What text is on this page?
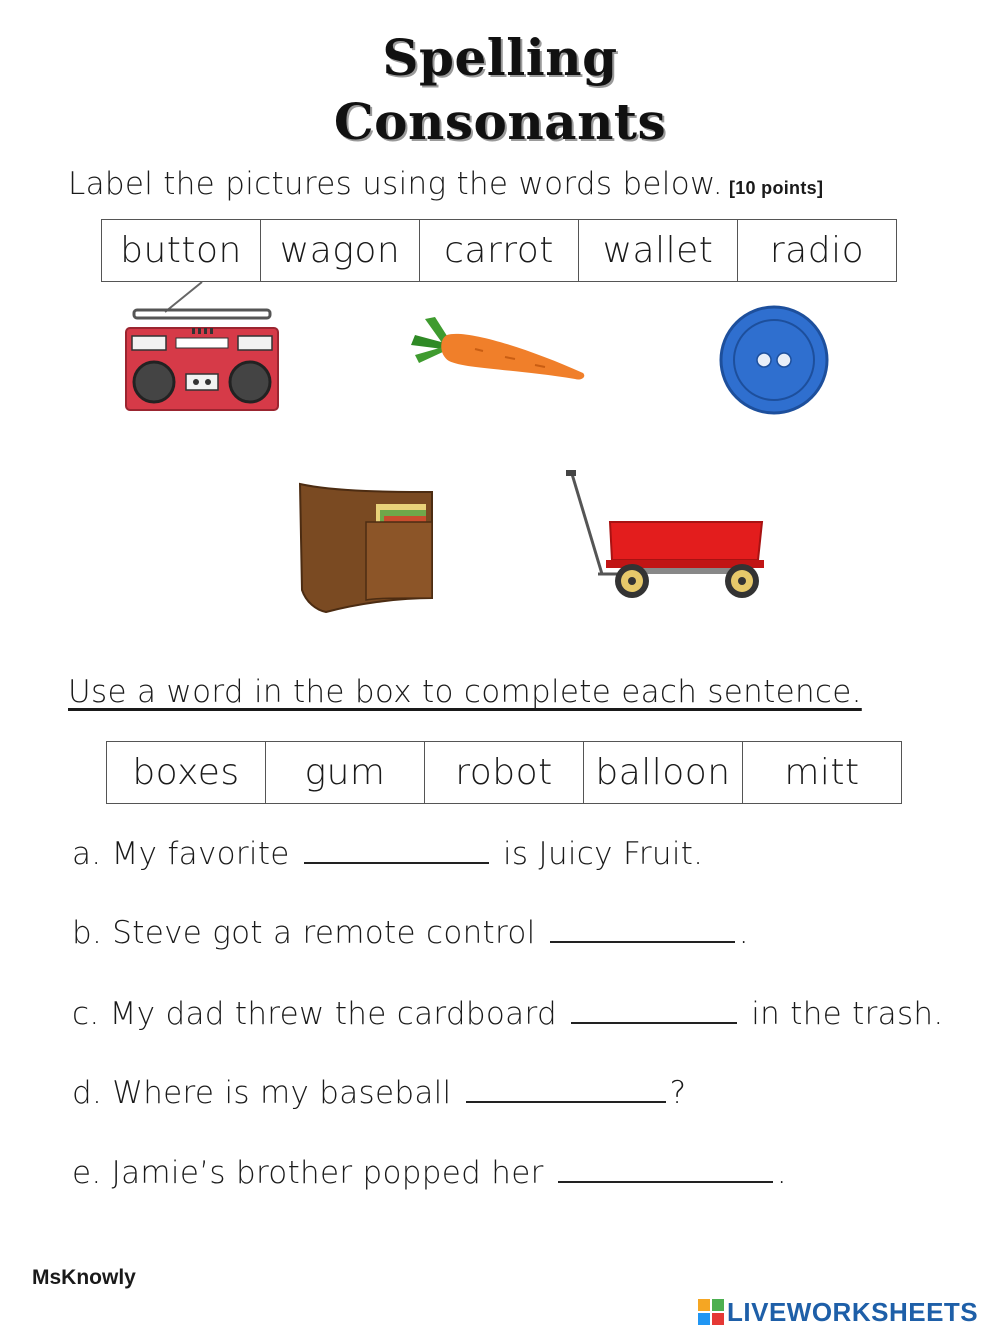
Spelling
Consonants
Label the pictures using the words below. [10 points]
button	wagon	carrot	wallet	radio
Use a word in the box to complete each sentence.
boxes	gum	robot	balloon	mitt
a. My favorite	is Juicy Fruit.
b. Steve got a remote control	.
c. My dad threw the cardboard	in the trash.
d. Where is my baseball	?
e. Jamie’s brother popped her	.
MsKnowly
LIVEWORKSHEETS
